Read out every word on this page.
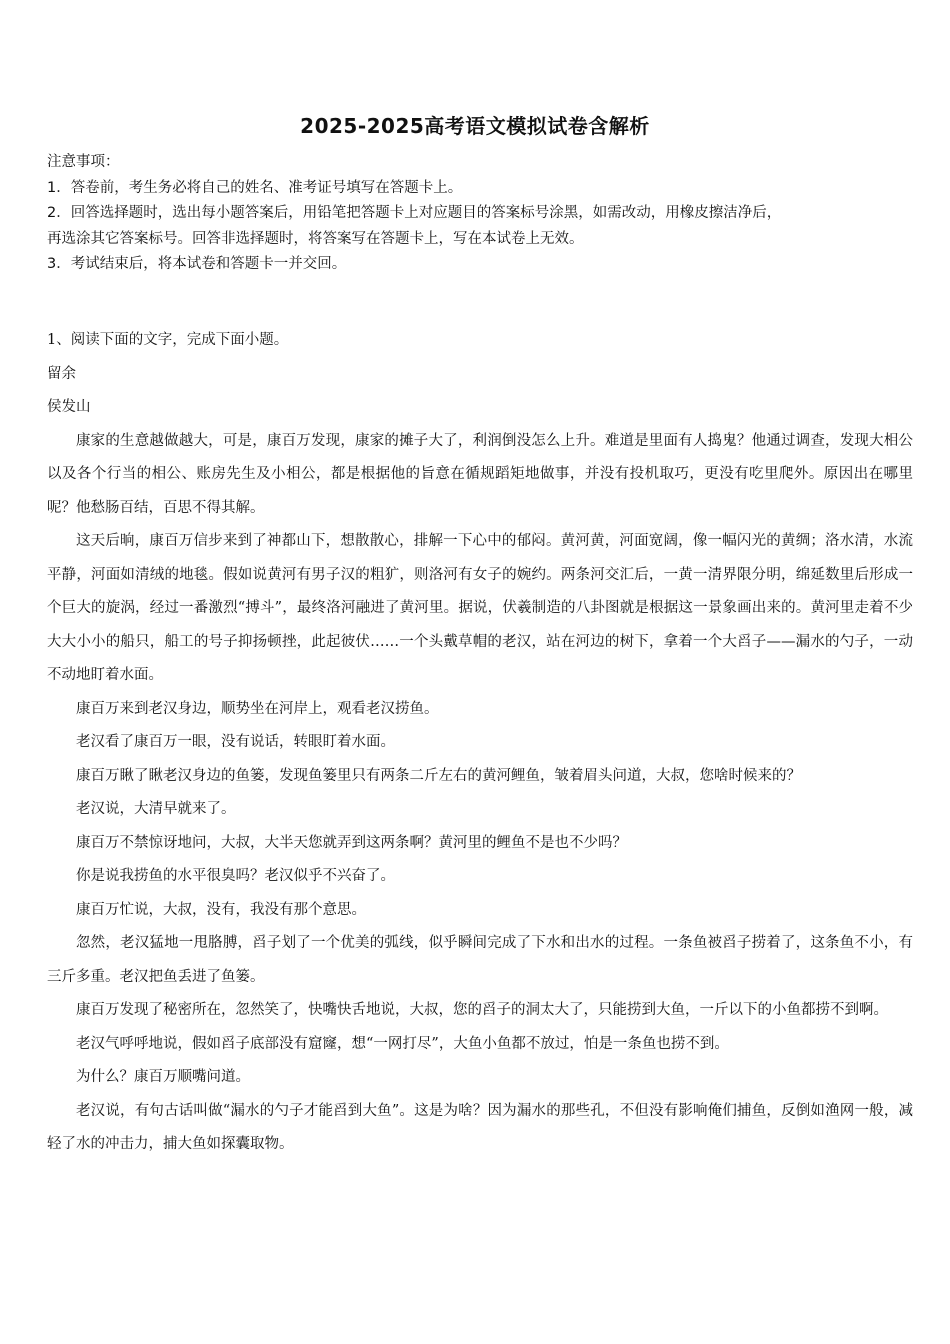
2025-2025高考语文模拟试卷含解析
注意事项：
1．答卷前，考生务必将自己的姓名、准考证号填写在答题卡上。
2．回答选择题时，选出每小题答案后，用铅笔把答题卡上对应题目的答案标号涂黑，如需改动，用橡皮擦洁净后，
再选涂其它答案标号。回答非选择题时，将答案写在答题卡上，写在本试卷上无效。
3．考试结束后，将本试卷和答题卡一并交回。

1、阅读下面的文字，完成下面小题。

留余

侯发山

康家的生意越做越大，可是，康百万发现，康家的摊子大了，利润倒没怎么上升。难道是里面有人捣鬼？他通过调查，发现大相公以及各个行当的相公、账房先生及小相公，都是根据他的旨意在循规蹈矩地做事，并没有投机取巧，更没有吃里爬外。原因出在哪里呢？他愁肠百结，百思不得其解。

这天后晌，康百万信步来到了神都山下，想散散心，排解一下心中的郁闷。黄河黄，河面宽阔，像一幅闪光的黄绸；洛水清，水流平静，河面如清绒的地毯。假如说黄河有男子汉的粗犷，则洛河有女子的婉约。两条河交汇后，一黄一清界限分明，绵延数里后形成一个巨大的旋涡，经过一番激烈“搏斗”，最终洛河融进了黄河里。据说，伏羲制造的八卦图就是根据这一景象画出来的。黄河里走着不少大大小小的船只，船工的号子抑扬顿挫，此起彼伏……一个头戴草帽的老汉，站在河边的树下，拿着一个大舀子——漏水的勺子，一动不动地盯着水面。

康百万来到老汉身边，顺势坐在河岸上，观看老汉捞鱼。

老汉看了康百万一眼，没有说话，转眼盯着水面。

康百万瞅了瞅老汉身边的鱼篓，发现鱼篓里只有两条二斤左右的黄河鲤鱼，皱着眉头问道，大叔，您啥时候来的？

老汉说，大清早就来了。

康百万不禁惊讶地问，大叔，大半天您就弄到这两条啊？黄河里的鲤鱼不是也不少吗？

你是说我捞鱼的水平很臭吗？老汉似乎不兴奋了。

康百万忙说，大叔，没有，我没有那个意思。

忽然，老汉猛地一甩胳膊，舀子划了一个优美的弧线，似乎瞬间完成了下水和出水的过程。一条鱼被舀子捞着了，这条鱼不小，有三斤多重。老汉把鱼丢进了鱼篓。

康百万发现了秘密所在，忽然笑了，快嘴快舌地说，大叔，您的舀子的洞太大了，只能捞到大鱼，一斤以下的小鱼都捞不到啊。

老汉气呼呼地说，假如舀子底部没有窟窿，想“一网打尽”，大鱼小鱼都不放过，怕是一条鱼也捞不到。

为什么？康百万顺嘴问道。

老汉说，有句古话叫做“漏水的勺子才能舀到大鱼”。这是为啥？因为漏水的那些孔，不但没有影响俺们捕鱼，反倒如渔网一般，减轻了水的冲击力，捕大鱼如探囊取物。
